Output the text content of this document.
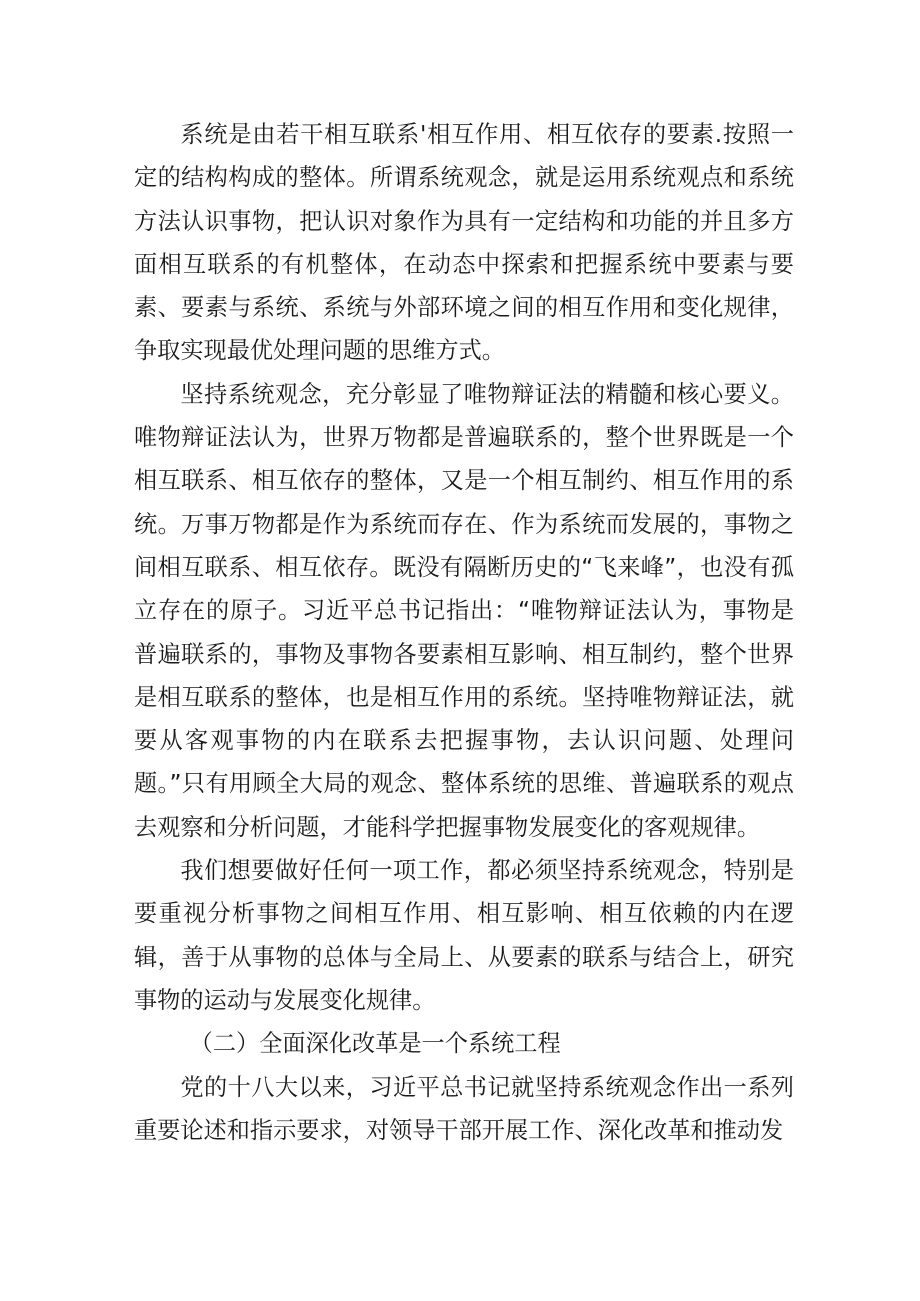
系统是由若干相互联系'相互作用、相互依存的要素.按照一定的结构构成的整体。所谓系统观念，就是运用系统观点和系统方法认识事物，把认识对象作为具有一定结构和功能的并且多方面相互联系的有机整体，在动态中探索和把握系统中要素与要素、要素与系统、系统与外部环境之间的相互作用和变化规律，争取实现最优处理问题的思维方式。

坚持系统观念，充分彰显了唯物辩证法的精髓和核心要义。唯物辩证法认为，世界万物都是普遍联系的，整个世界既是一个相互联系、相互依存的整体，又是一个相互制约、相互作用的系统。万事万物都是作为系统而存在、作为系统而发展的，事物之间相互联系、相互依存。既没有隔断历史的“飞来峰”，也没有孤立存在的原子。习近平总书记指出：“唯物辩证法认为，事物是普遍联系的，事物及事物各要素相互影响、相互制约，整个世界是相互联系的整体，也是相互作用的系统。坚持唯物辩证法，就要从客观事物的内在联系去把握事物，去认识问题、处理问题。”只有用顾全大局的观念、整体系统的思维、普遍联系的观点去观察和分析问题，才能科学把握事物发展变化的客观规律。

我们想要做好任何一项工作，都必须坚持系统观念，特别是要重视分析事物之间相互作用、相互影响、相互依赖的内在逻辑，善于从事物的总体与全局上、从要素的联系与结合上，研究事物的运动与发展变化规律。

（二）全面深化改革是一个系统工程

党的十八大以来，习近平总书记就坚持系统观念作出一系列重要论述和指示要求，对领导干部开展工作、深化改革和推动发
